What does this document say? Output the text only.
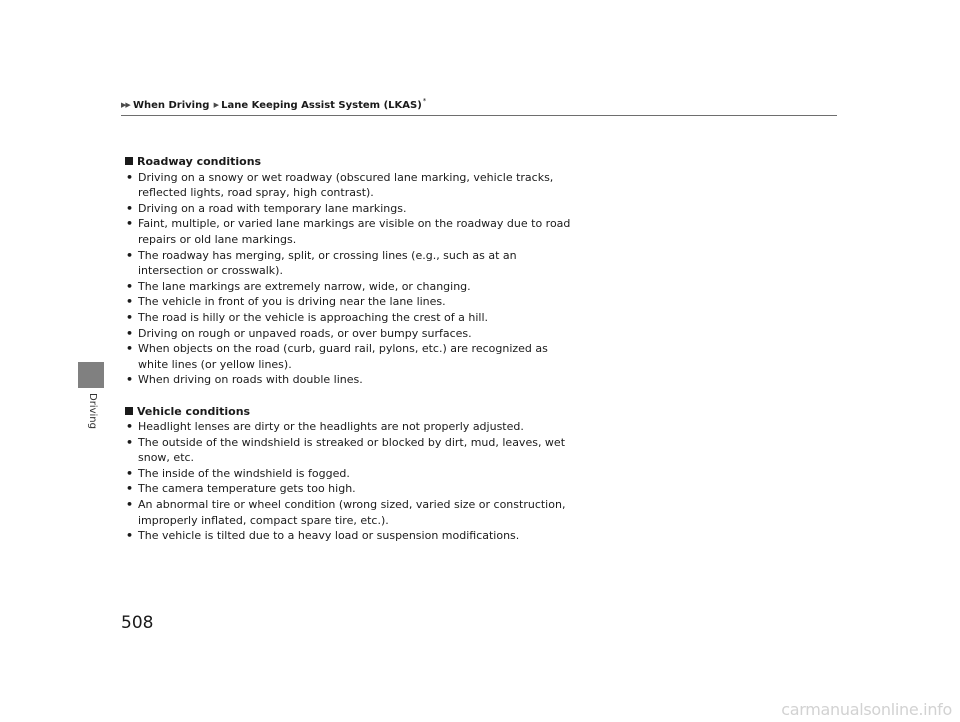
▶▶ When Driving ▶ Lane Keeping Assist System (LKAS)*
Driving
Roadway conditions
• Driving on a snowy or wet roadway (obscured lane marking, vehicle tracks, reflected lights, road spray, high contrast).
• Driving on a road with temporary lane markings.
• Faint, multiple, or varied lane markings are visible on the roadway due to road repairs or old lane markings.
• The roadway has merging, split, or crossing lines (e.g., such as at an intersection or crosswalk).
• The lane markings are extremely narrow, wide, or changing.
• The vehicle in front of you is driving near the lane lines.
• The road is hilly or the vehicle is approaching the crest of a hill.
• Driving on rough or unpaved roads, or over bumpy surfaces.
• When objects on the road (curb, guard rail, pylons, etc.) are recognized as white lines (or yellow lines).
• When driving on roads with double lines.
Vehicle conditions
• Headlight lenses are dirty or the headlights are not properly adjusted.
• The outside of the windshield is streaked or blocked by dirt, mud, leaves, wet snow, etc.
• The inside of the windshield is fogged.
• The camera temperature gets too high.
• An abnormal tire or wheel condition (wrong sized, varied size or construction, improperly inflated, compact spare tire, etc.).
• The vehicle is tilted due to a heavy load or suspension modifications.
508
carmanualsonline.info
